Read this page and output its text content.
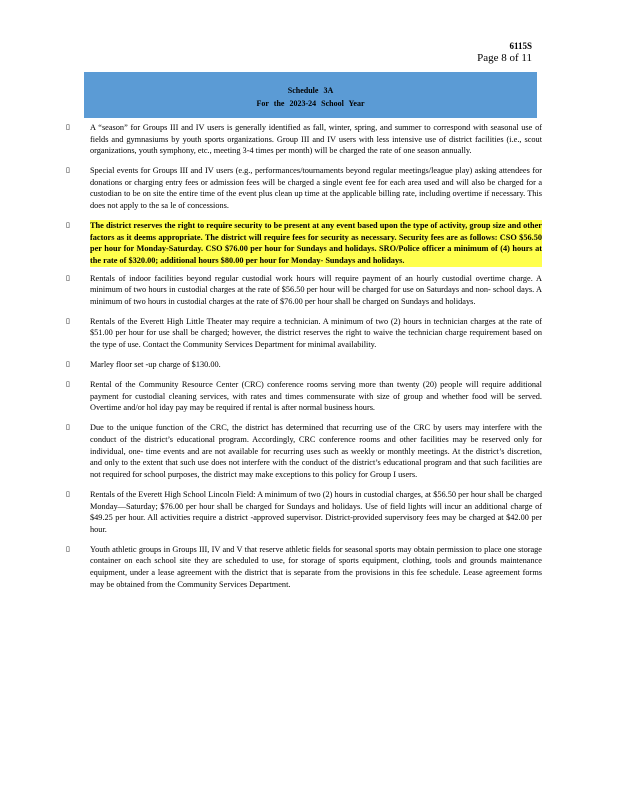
6115S
Page 8 of 11
Schedule 3A
For the 2023-24 School Year
▯	A “season” for Groups III and IV users is generally identified as fall, winter, spring, and summer to correspond with seasonal use of fields and gymnasiums by youth sports organizations. Group III and IV users with less intensive use of district facilities (i.e., scout organizations, youth symphony, etc., meeting 3-4 times per month) will be charged the rate of one season annually.
▯	Special events for Groups III and IV users (e.g., performances/tournaments beyond regular meetings/league play) asking attendees for donations or charging entry fees or admission fees will be charged a single event fee for each area used and will also be charged for a custodian to be on site the entire time of the event plus clean up time at the applicable billing rate, including overtime if necessary. This does not apply to the sa le of concessions.
▯	The district reserves the right to require security to be present at any event based upon the type of activity, group size and other factors as it deems appropriate. The district will require fees for security as necessary. Security fees are as follows: CSO $56.50 per hour for Monday-Saturday. CSO $76.00 per hour for Sundays and holidays. SRO/Police officer a minimum of (4) hours at the rate of $320.00; additional hours $80.00 per hour for Monday- Sundays and holidays.
▯	Rentals of indoor facilities beyond regular custodial work hours will require payment of an hourly custodial overtime charge. A minimum of two hours in custodial charges at the rate of $56.50 per hour will be charged for use on Saturdays and non- school days. A minimum of two hours in custodial charges at the rate of $76.00 per hour shall be charged on Sundays and holidays.
▯	Rentals of the Everett High Little Theater may require a technician. A minimum of two (2) hours in technician charges at the rate of $51.00 per hour for use shall be charged; however, the district reserves the right to waive the technician charge requirement based on the type of use. Contact the Community Services Department for minimal availability.
▯	Marley floor set -up charge of $130.00.
▯	Rental of the Community Resource Center (CRC) conference rooms serving more than twenty (20) people will require additional payment for custodial cleaning services, with rates and times commensurate with size of group and whether food will be served. Overtime and/or hol iday pay may be required if rental is after normal business hours.
▯	Due to the unique function of the CRC, the district has determined that recurring use of the CRC by users may interfere with the conduct of the district’s educational program. Accordingly, CRC conference rooms and other facilities may be reserved only for individual, one- time events and are not available for recurring uses such as weekly or monthly meetings. At the district’s discretion, and only to the extent that such use does not interfere with the conduct of the district’s educational program and that such facilities are not required for school purposes, the district may make exceptions to this policy for Group I users.
▯	Rentals of the Everett High School Lincoln Field: A minimum of two (2) hours in custodial charges, at $56.50 per hour shall be charged Monday—Saturday; $76.00 per hour shall be charged for Sundays and holidays. Use of field lights will incur an additional charge of $49.25 per hour. All activities require a district -approved supervisor. District-provided supervisory fees may be charged at $42.00 per hour.
▯	Youth athletic groups in Groups III, IV and V that reserve athletic fields for seasonal sports may obtain permission to place one storage container on each school site they are scheduled to use, for storage of sports equipment, clothing, tools and grounds maintenance equipment, under a lease agreement with the district that is separate from the provisions in this fee schedule. Lease agreement forms may be obtained from the Community Services Department.
